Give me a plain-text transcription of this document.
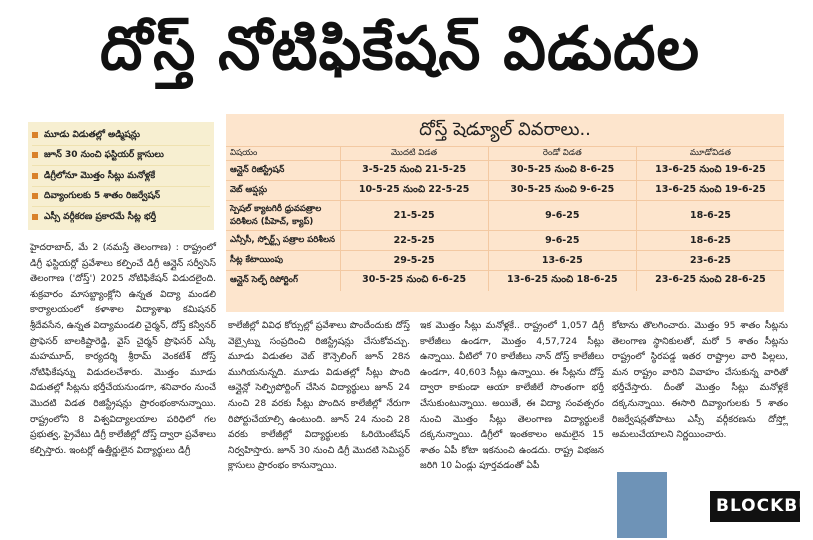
దోస్త్ నోటిఫికేషన్ విడుదల
మూడు విడుతల్లో అడ్మిషన్లు
జూన్ 30 నుంచి ఫస్టియర్ క్లాసులు
డిగ్రీలోనూ మొత్తం సీట్లు మనోళ్లకే
దివ్యాంగులకు 5 శాతం రిజర్వేషన్
ఎస్సీ వర్గీకరణ ప్రకారమే సీట్ల భర్తీ
దోస్త్ షెడ్యూల్ వివరాలు..
విషయం	మొదటి విడత	రెండో విడత	మూడోవిడత
ఆన్లైన్ రిజిస్ట్రేషన్	3-5-25 నుంచి 21-5-25	30-5-25 నుంచి 8-6-25	13-6-25 నుంచి 19-6-25
వెబ్ ఆప్షన్లు	10-5-25 నుంచి 22-5-25	30-5-25 నుంచి 9-6-25	13-6-25 నుంచి 19-6-25
స్పెషల్ క్యాటగిరీ ధ్రువపత్రాల పరిశీలన (పీహెచ్, క్యాప్)	21-5-25	9-6-25	18-6-25
ఎన్సీసీ, స్పోర్ట్స్ పత్రాల పరిశీలన	22-5-25	9-6-25	18-6-25
సీట్ల కేటాయింపు	29-5-25	13-6-25	23-6-25
ఆన్లైన్ సెల్ఫ్ రిపోర్టింగ్	30-5-25 నుంచి 6-6-25	13-6-25 నుంచి 18-6-25	23-6-25 నుంచి 28-6-25

హైదరాబాద్, మే 2 (నమస్తే తెలంగాణ) : రాష్ట్రంలో డిగ్రీ ఫస్టియర్లో ప్రవేశాలు కల్పించే డిగ్రీ ఆన్లైన్ సర్వీసెస్ తెలంగాణ ('దోస్త్') 2025 నోటిఫికేషన్ విడుదలైంది. శుక్రవారం మాసబ్ట్యాంక్లోని ఉన్నత విద్యా మండలి కార్యాలయంలో కళాశాల విద్యాశాఖ కమిషనర్ శ్రీదేవసేన, ఉన్నత విద్యామండలి చైర్మన్, దోస్త్ కన్వీనర్ ప్రొఫెసర్ బాలకిష్టారెడ్డి, వైస్ చైర్మన్ ప్రొఫెసర్ ఎస్కే మహమూద్, కార్యదర్శి శ్రీరామ్ వెంకటేశ్ దోస్త్ నోటిఫికేషన్ను విడుదలచేశారు. మొత్తం మూడు విడుతల్లో సీట్లను భర్తీచేయనుండగా, శనివారం నుంచే మొదటి విడత రిజిస్ట్రేషన్లు ప్రారంభంకానున్నాయి. రాష్ట్రంలోని 8 విశ్వవిద్యాలయాల పరిధిలో గల ప్రభుత్వ, ప్రైవేటు డిగ్రీ కాలేజీల్లో దోస్త్ ద్వారా ప్రవేశాలు కల్పిస్తారు. ఇంటర్లో ఉత్తీర్ణులైన విద్యార్థులు డిగ్రీ

కాలేజీల్లో వివిధ కోర్సుల్లో ప్రవేశాలు పొందేందుకు దోస్త్ వెబ్సైట్ను సంప్రదించి రిజిస్ట్రేషన్లు చేసుకోవచ్చు. మూడు విడుతల వెబ్ కౌన్సెలింగ్ జూన్ 28న ముగియనున్నది. మూడు విడుతల్లో సీట్లు పొంది ఆన్లైన్లో సెల్ఫ్రిపోర్టింగ్ చేసిన విద్యార్థులు జూన్ 24 నుంచి 28 వరకు సీట్లు పొందిన కాలేజీల్లో నేరుగా రిపోర్టుచేయాల్సి ఉంటుంది. జూన్ 24 నుంచి 28 వరకు కాలేజీల్లో విద్యార్థులకు ఓరియెంటేషన్ నిర్వహిస్తారు. జూన్ 30 నుంచి డిగ్రీ మొదటి సెమిస్టర్ క్లాసులు ప్రారంభం కానున్నాయి.

ఇక మొత్తం సీట్లు మనోళ్లకే.. రాష్ట్రంలో 1,057 డిగ్రీ కాలేజీలు ఉండగా, మొత్తం 4,57,724 సీట్లు ఉన్నాయి. వీటిలో 70 కాలేజీలు నాన్ దోస్త్ కాలేజీలు ఉండగా, 40,603 సీట్లు ఉన్నాయి. ఈ సీట్లను దోస్త్ ద్వారా కాకుండా ఆయా కాలేజీలే సొంతంగా భర్తీ చేసుకుంటున్నాయి. అయితే, ఈ విద్యా సంవత్సరం నుంచి మొత్తం సీట్లు తెలంగాణ విద్యార్థులకే దక్కనున్నాయి. డిగ్రీలో ఇంతకాలం అమలైన 15 శాతం ఏపీ కోటా ఇకనుంచి ఉండదు. రాష్ట్ర విభజన జరిగి 10 ఏండ్లు పూర్తవడంతో ఏపీ

కోటాను తొలగించారు. మొత్తం 95 శాతం సీట్లను తెలంగాణ స్థానికులతో, మరో 5 శాతం సీట్లను రాష్ట్రంలో స్థిరపడ్డ ఇతర రాష్ట్రాల వారి పిల్లలు, మన రాష్ట్రం వారిని వివాహం చేసుకున్న వారితో భర్తీచేస్తారు. దీంతో మొత్తం సీట్లు మనోళ్లకే దక్కనున్నాయి. ఈసారి దివ్యాంగులకు 5 శాతం రిజర్వేషన్లతోపాటు ఎస్సీ వర్గీకరణను దోస్త్లో అమలుచేయాలని నిర్ణయించారు.

BLOCKBU
